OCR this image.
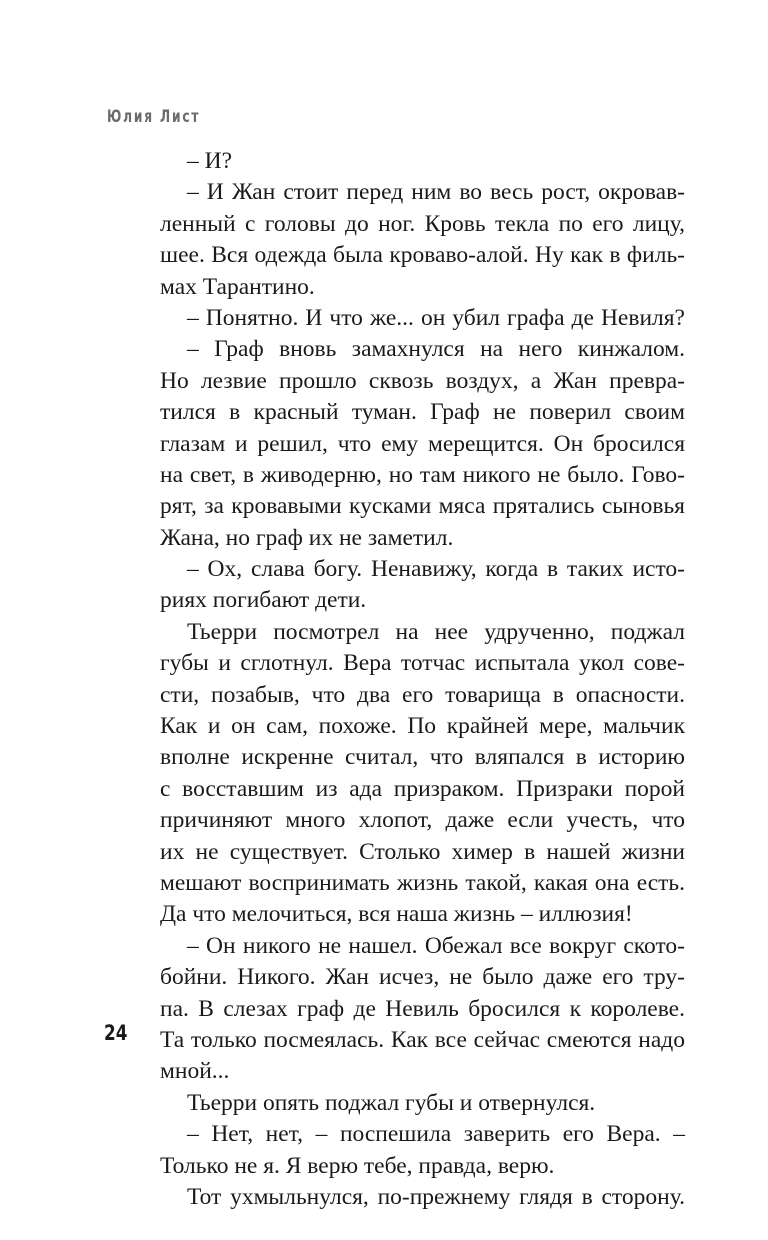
Юлия Лист
– И?
– И Жан стоит перед ним во весь рост, окровав-
ленный с головы до ног. Кровь текла по его лицу,
шее. Вся одежда была кроваво-алой. Ну как в филь-
мах Тарантино.
– Понятно. И что же... он убил графа де Невиля?
– Граф вновь замахнулся на него кинжалом.
Но лезвие прошло сквозь воздух, а Жан превра-
тился в красный туман. Граф не поверил своим
глазам и решил, что ему мерещится. Он бросился
на свет, в живодерню, но там никого не было. Гово-
рят, за кровавыми кусками мяса прятались сыновья
Жана, но граф их не заметил.
– Ох, слава богу. Ненавижу, когда в таких исто-
риях погибают дети.
Тьерри посмотрел на нее удрученно, поджал
губы и сглотнул. Вера тотчас испытала укол сове-
сти, позабыв, что два его товарища в опасности.
Как и он сам, похоже. По крайней мере, мальчик
вполне искренне считал, что вляпался в историю
с восставшим из ада призраком. Призраки порой
причиняют много хлопот, даже если учесть, что
их не существует. Столько химер в нашей жизни
мешают воспринимать жизнь такой, какая она есть.
Да что мелочиться, вся наша жизнь – иллюзия!
– Он никого не нашел. Обежал все вокруг ското-
бойни. Никого. Жан исчез, не было даже его тру-
па. В слезах граф де Невиль бросился к королеве.
Та только посмеялась. Как все сейчас смеются надо
мной...
Тьерри опять поджал губы и отвернулся.
– Нет, нет, – поспешила заверить его Вера. –
Только не я. Я верю тебе, правда, верю.
Тот ухмыльнулся, по-прежнему глядя в сторону.
24
